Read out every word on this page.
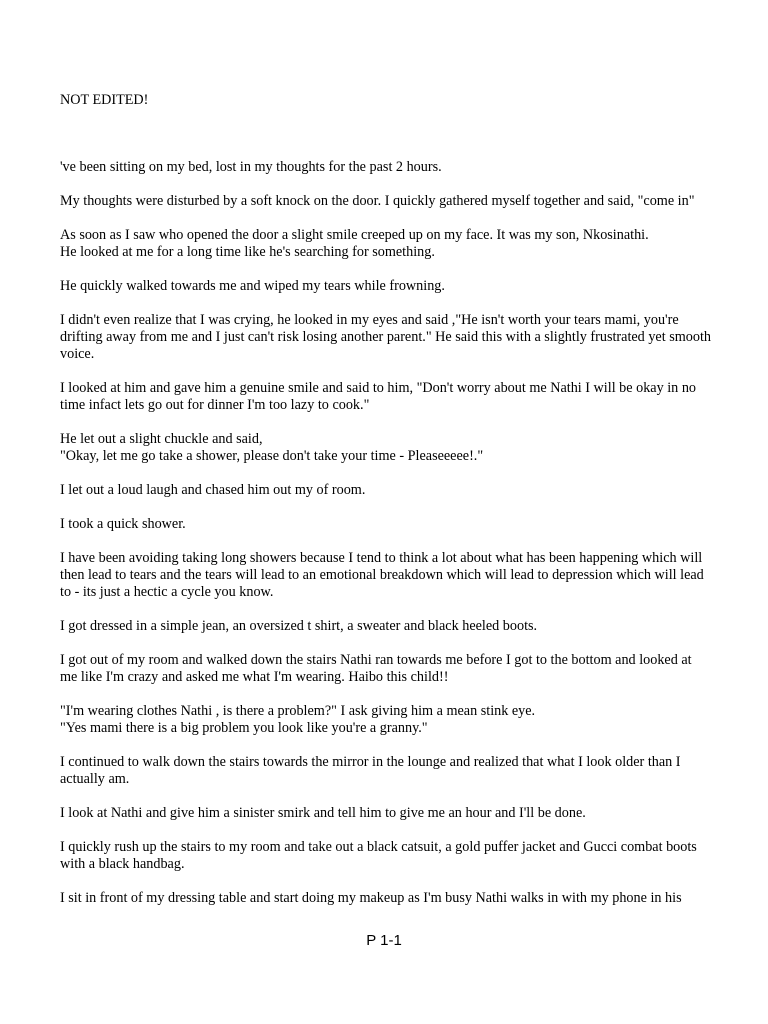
NOT EDITED!

've been sitting on my bed, lost in my thoughts for the past 2 hours.

My thoughts were disturbed by a soft knock on the door. I quickly gathered myself together and said, "come in"

As soon as I saw who opened the door a slight smile creeped up on my face. It was my son, Nkosinathi.
He looked at me for a long time like he's searching for something.

He quickly walked towards me and wiped my tears while frowning.

I didn't even realize that I was crying, he looked in my eyes and said ,"He isn't worth your tears mami, you're drifting away from me and I just can't risk losing another parent." He said this with a slightly frustrated yet smooth voice.

I looked at him and gave him a genuine smile and said to him, "Don't worry about me Nathi I will be okay in no time infact lets go out for dinner I'm too lazy to cook."

He let out a slight chuckle and said,
"Okay, let me go take a shower, please don't take your time - Pleaseeeee!."

I let out a loud laugh and chased him out my of room.

I took a quick shower.

I have been avoiding taking long showers because I tend to think a lot about what has been happening which will then lead to tears and the tears will lead to an emotional breakdown which will lead to depression which will lead to - its just a hectic a cycle you know.

I got dressed in a simple jean, an oversized t shirt, a sweater and black heeled boots.

I got out of my room and walked down the stairs Nathi ran towards me before I got to the bottom and looked at me like I'm crazy and asked me what I'm wearing. Haibo this child!!

"I'm wearing clothes Nathi , is there a problem?" I ask giving him a mean stink eye.
"Yes mami there is a big problem you look like you're a granny."

I continued to walk down the stairs towards the mirror in the lounge and realized that what I look older than I actually am.

I look at Nathi and give him a sinister smirk and tell him to give me an hour and I'll be done.

I quickly rush up the stairs to my room and take out a black catsuit, a gold puffer jacket and Gucci combat boots with a black handbag.

I sit in front of my dressing table and start doing my makeup as I'm busy Nathi walks in with my phone in his

P 1-1
